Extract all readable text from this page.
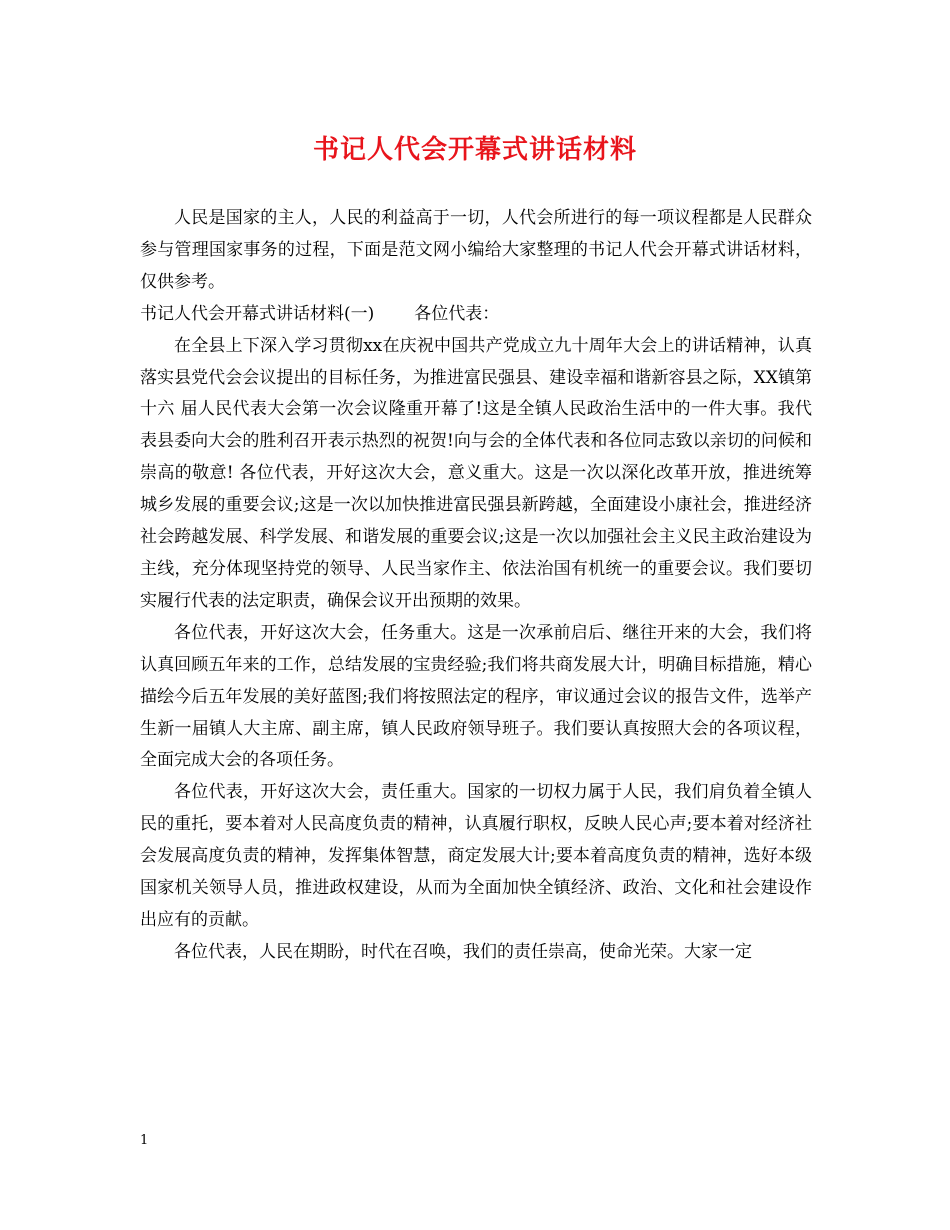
书记人代会开幕式讲话材料

人民是国家的主人，人民的利益高于一切，人代会所进行的每一项议程都是人民群众参与管理国家事务的过程，下面是范文网小编给大家整理的书记人代会开幕式讲话材料，仅供参考。

书记人代会开幕式讲话材料(一) 各位代表：

在全县上下深入学习贯彻xx在庆祝中国共产党成立九十周年大会上的讲话精神，认真落实县党代会会议提出的目标任务，为推进富民强县、建设幸福和谐新容县之际，XX镇第十六 届人民代表大会第一次会议隆重开幕了!这是全镇人民政治生活中的一件大事。我代表县委向大会的胜利召开表示热烈的祝贺!向与会的全体代表和各位同志致以亲切的问候和崇高的敬意! 各位代表，开好这次大会，意义重大。这是一次以深化改革开放，推进统筹城乡发展的重要会议;这是一次以加快推进富民强县新跨越，全面建设小康社会，推进经济社会跨越发展、科学发展、和谐发展的重要会议;这是一次以加强社会主义民主政治建设为主线，充分体现坚持党的领导、人民当家作主、依法治国有机统一的重要会议。我们要切实履行代表的法定职责，确保会议开出预期的效果。

各位代表，开好这次大会，任务重大。这是一次承前启后、继往开来的大会，我们将认真回顾五年来的工作，总结发展的宝贵经验;我们将共商发展大计，明确目标措施，精心描绘今后五年发展的美好蓝图;我们将按照法定的程序，审议通过会议的报告文件，选举产生新一届镇人大主席、副主席，镇人民政府领导班子。我们要认真按照大会的各项议程，全面完成大会的各项任务。

各位代表，开好这次大会，责任重大。国家的一切权力属于人民，我们肩负着全镇人民的重托，要本着对人民高度负责的精神，认真履行职权，反映人民心声;要本着对经济社会发展高度负责的精神，发挥集体智慧，商定发展大计;要本着高度负责的精神，选好本级国家机关领导人员，推进政权建设，从而为全面加快全镇经济、政治、文化和社会建设作出应有的贡献。

各位代表，人民在期盼，时代在召唤，我们的责任崇高，使命光荣。大家一定

1
